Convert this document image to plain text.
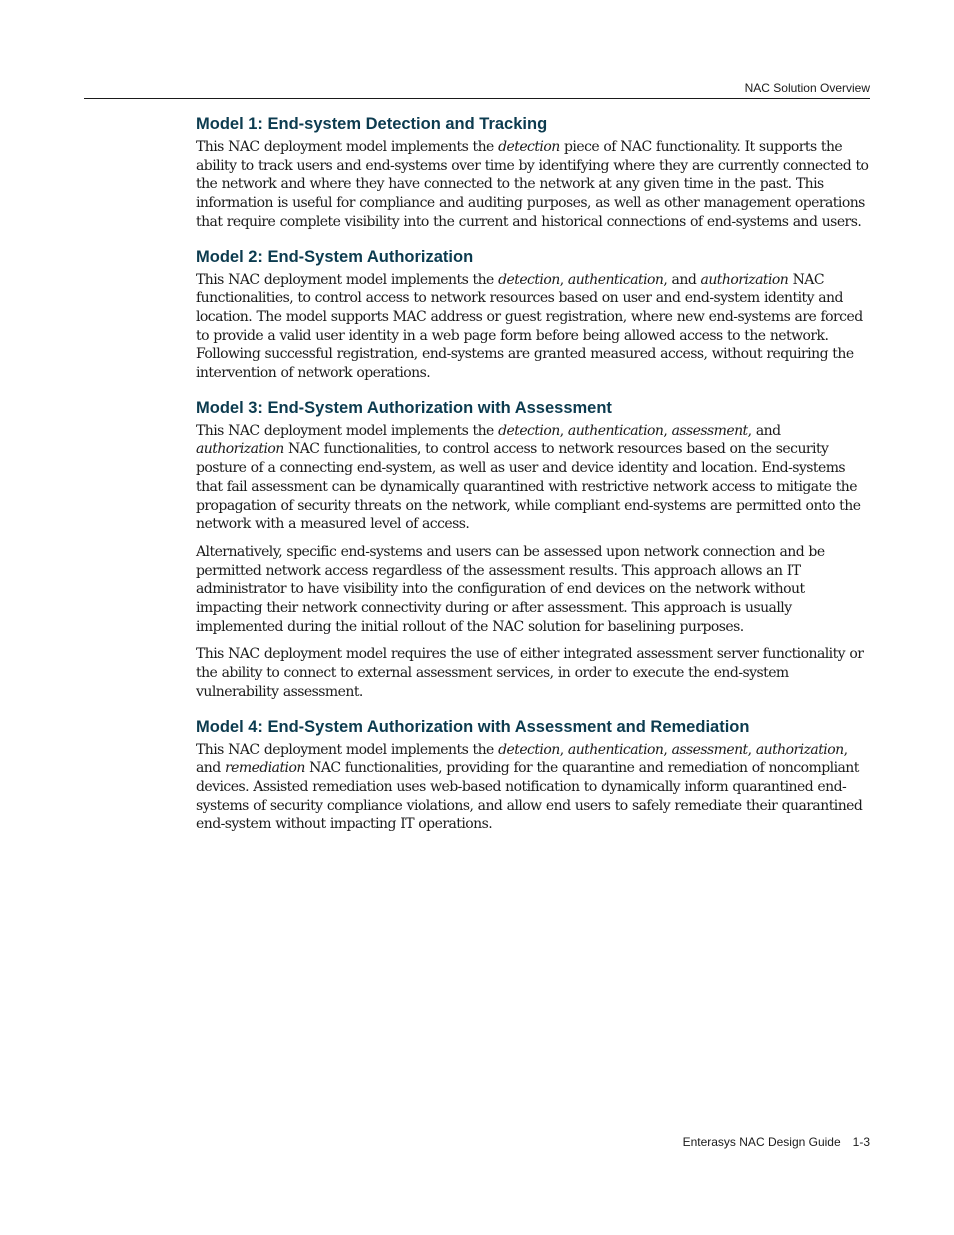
NAC Solution Overview
Model 1: End-system Detection and Tracking

This NAC deployment model implements the detection piece of NAC functionality. It supports the ability to track users and end-systems over time by identifying where they are currently connected to the network and where they have connected to the network at any given time in the past. This information is useful for compliance and auditing purposes, as well as other management operations that require complete visibility into the current and historical connections of end-systems and users.

Model 2: End-System Authorization

This NAC deployment model implements the detection, authentication, and authorization NAC functionalities, to control access to network resources based on user and end-system identity and location. The model supports MAC address or guest registration, where new end-systems are forced to provide a valid user identity in a web page form before being allowed access to the network. Following successful registration, end-systems are granted measured access, without requiring the intervention of network operations.

Model 3: End-System Authorization with Assessment

This NAC deployment model implements the detection, authentication, assessment, and authorization NAC functionalities, to control access to network resources based on the security posture of a connecting end-system, as well as user and device identity and location. End-systems that fail assessment can be dynamically quarantined with restrictive network access to mitigate the propagation of security threats on the network, while compliant end-systems are permitted onto the network with a measured level of access.

Alternatively, specific end-systems and users can be assessed upon network connection and be permitted network access regardless of the assessment results. This approach allows an IT administrator to have visibility into the configuration of end devices on the network without impacting their network connectivity during or after assessment. This approach is usually implemented during the initial rollout of the NAC solution for baselining purposes.

This NAC deployment model requires the use of either integrated assessment server functionality or the ability to connect to external assessment services, in order to execute the end-system vulnerability assessment.

Model 4: End-System Authorization with Assessment and Remediation

This NAC deployment model implements the detection, authentication, assessment, authorization, and remediation NAC functionalities, providing for the quarantine and remediation of noncompliant devices. Assisted remediation uses web-based notification to dynamically inform quarantined end-systems of security compliance violations, and allow end users to safely remediate their quarantined end-system without impacting IT operations.

Enterasys NAC Design Guide 1-3
